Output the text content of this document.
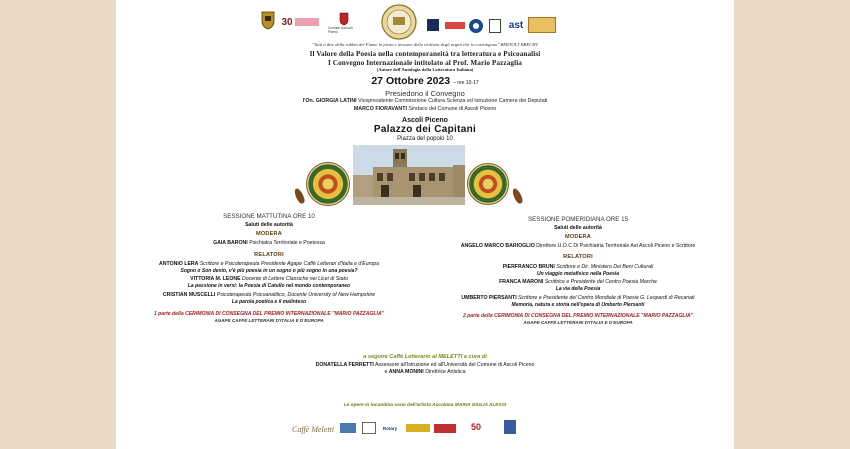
30
Comune di Ascoli Piceno
ast
"Tutti a dire della rabbia del Fiume in piena e nessuno della violenza degli argini che lo costringono" BERTOLT BRECHT
Il Valore della Poesia nella contemporaneità tra letteratura e Psicoanalisi
I Convegno Internazionale intitolato al Prof. Mario Pazzaglia
(Autore dell'Antologia della Letteratura Italiana)
27 Ottobre 2023 – ore 10-17
Presiedono il Convegno
l'On. GIORGIA LATINI Vicepresidente Commissione Cultura Scienza ed Istruzione Camera dei Deputati
MARCO FIORAVANTI Sindaco del Comune di Ascoli Piceno
Ascoli Piceno
Palazzo dei Capitani
Piazza del popolo 10
SESSIONE MATTUTINA ORE 10
Saluti delle autorità
MODERA
GAIA BARONI Psichiatra Territoriale e Poetessa
RELATORI
ANTONIO LERA Scrittore e Psicoterapeuta Presidente Agape Caffè Letterari d'Italia e d'Europa
Sogno o Son desto, v'è più poesia in un sogno o più sogno in una poesia?
VITTORIA M. LEONE Docente di Lettere Classiche nei Licei di Stato
La passione in versi: la Poesia di Catullo nel mondo contemporaneo
CRISTIAN MUSCELLI Psicoterapeuta Psicoanalitico, Docente University of New Hampshire
La parola poetica e il malinteso
1 parte della CERIMONIA DI CONSEGNA DEL PREMIO INTERNAZIONALE "MARIO PAZZAGLIA"
AGAPE CAFFÈ LETTERARI D'ITALIA E D'EUROPA
SESSIONE POMERIDIANA ORE 15
Saluti delle autorità
MODERA
ANGELO MARCO BARIOGLIO Direttore U.O.C Di Psichiatria Territoriale Ast Ascoli Piceno e Scrittore
RELATORI
PIERFRANCO BRUNI Scrittore e Dir. Ministero Dei Beni Culturali
Un viaggio metafisico nella Poesia
FRANCA MARONI Scrittrice e Presidente del Centro Poesia Marche
La via della Poesia
UMBERTO PIERSANTI Scrittore e Presidente del Centro Mondiale di Poesia G. Leopardi di Recanati
Memoria, natura e storia nell'opera di Umberto Piersanti
2 parte della CERIMONIA DI CONSEGNA DEL PREMIO INTERNAZIONALE "MARIO PAZZAGLIA"
AGAPE CAFFÈ LETTERARI D'ITALIA E D'EUROPA
a seguire Caffè Letterario al MELETTI a cura di
DONATELLA FERRETTI Assessore all'Istruzione ed all'Università del Comune di Ascoli Piceno
e ANNA MONINI Direttrice Artistica
Le opere in locandina sono dell'artista Ascolana MARIA GIULIA ALESSI
Caffè Meletti	Rotary	50
